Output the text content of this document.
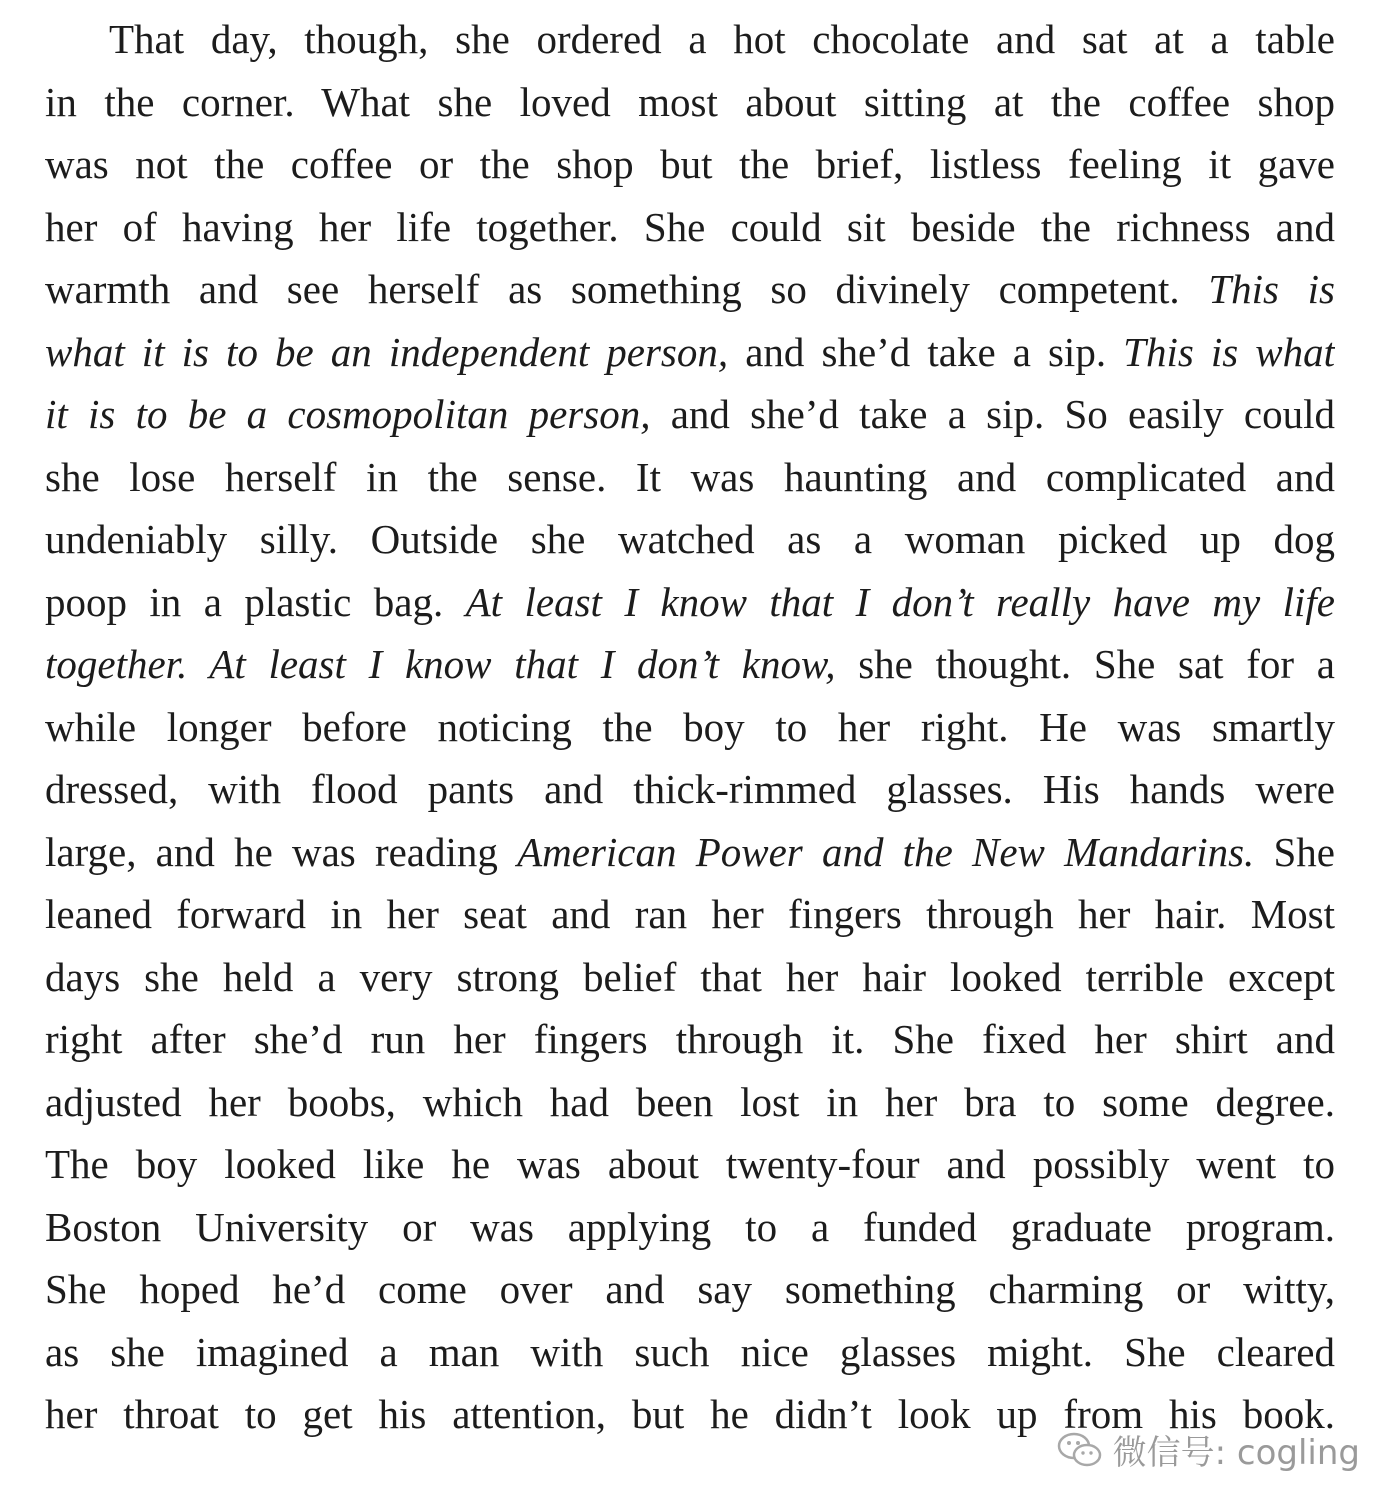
That day, though, she ordered a hot chocolate and sat at a table
in the corner. What she loved most about sitting at the coffee shop
was not the coffee or the shop but the brief, listless feeling it gave
her of having her life together. She could sit beside the richness and
warmth and see herself as something so divinely competent. This is
what it is to be an independent person, and she’d take a sip. This is what
it is to be a cosmopolitan person, and she’d take a sip. So easily could
she lose herself in the sense. It was haunting and complicated and
undeniably silly. Outside she watched as a woman picked up dog
poop in a plastic bag. At least I know that I don’t really have my life
together. At least I know that I don’t know, she thought. She sat for a
while longer before noticing the boy to her right. He was smartly
dressed, with flood pants and thick-rimmed glasses. His hands were
large, and he was reading American Power and the New Mandarins. She
leaned forward in her seat and ran her fingers through her hair. Most
days she held a very strong belief that her hair looked terrible except
right after she’d run her fingers through it. She fixed her shirt and
adjusted her boobs, which had been lost in her bra to some degree.
The boy looked like he was about twenty-four and possibly went to
Boston University or was applying to a funded graduate program.
She hoped he’d come over and say something charming or witty,
as she imagined a man with such nice glasses might. She cleared
her throat to get his attention, but he didn’t look up from his book.
微信号: cogling
